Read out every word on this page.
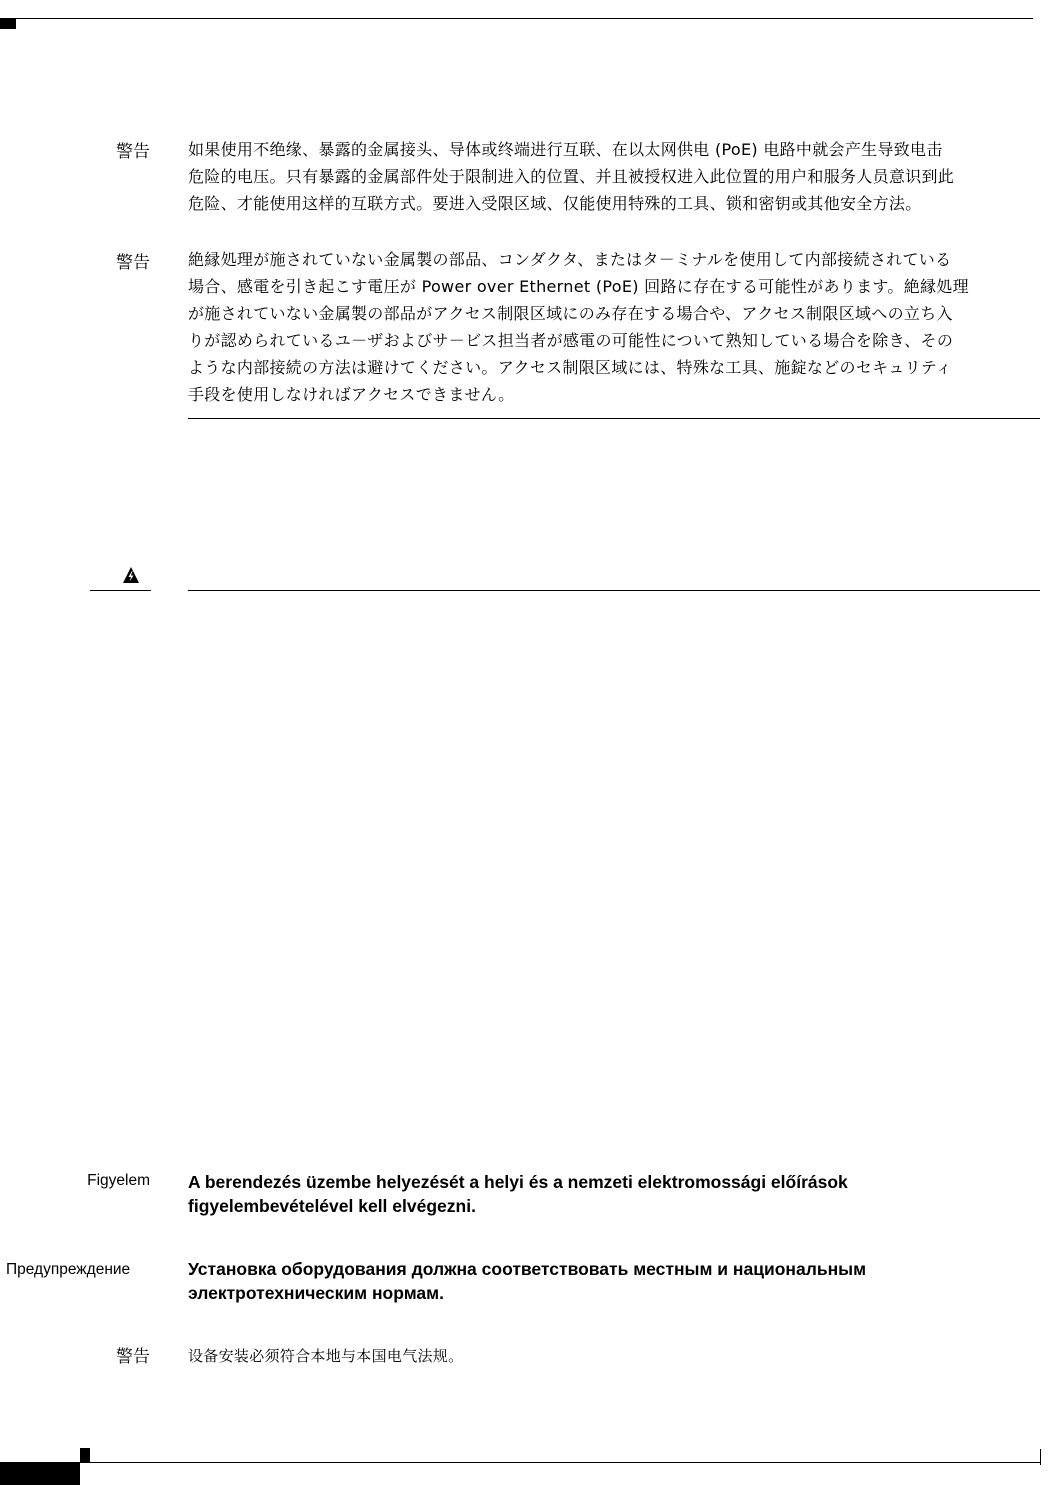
警告 如果使用不绝缘、暴露的金属接头、导体或终端进行互联、在以太网供电 (PoE) 电路中就会产生导致电击
危险的电压。只有暴露的金属部件处于限制进入的位置、并且被授权进入此位置的用户和服务人员意识到此
危险、才能使用这样的互联方式。要进入受限区域、仅能使用特殊的工具、锁和密钥或其他安全方法。
警告 絶縁処理が施されていない金属製の部品、コンダクタ、またはタ－ミナルを使用して内部接続されている
場合、感電を引き起こす電圧が Power over Ethernet (PoE) 回路に存在する可能性があります。絶縁処理
が施されていない金属製の部品がアクセス制限区域にのみ存在する場合や、アクセス制限区域への立ち入
りが認められているユ－ザおよびサ－ビス担当者が感電の可能性について熟知している場合を除き、その
ような内部接続の方法は避けてください。アクセス制限区域には、特殊な工具、施錠などのセキュリティ
手段を使用しなければアクセスできません。
Figyelem A berendezés üzembe helyezését a helyi és a nemzeti elektromossági előírások
figyelembevételével kell elvégezni.
Предупреждение	Установка оборудования должна соответствовать местным и национальным
электротехническим нормам.
警告	设备安装必须符合本地与本国电气法规。
